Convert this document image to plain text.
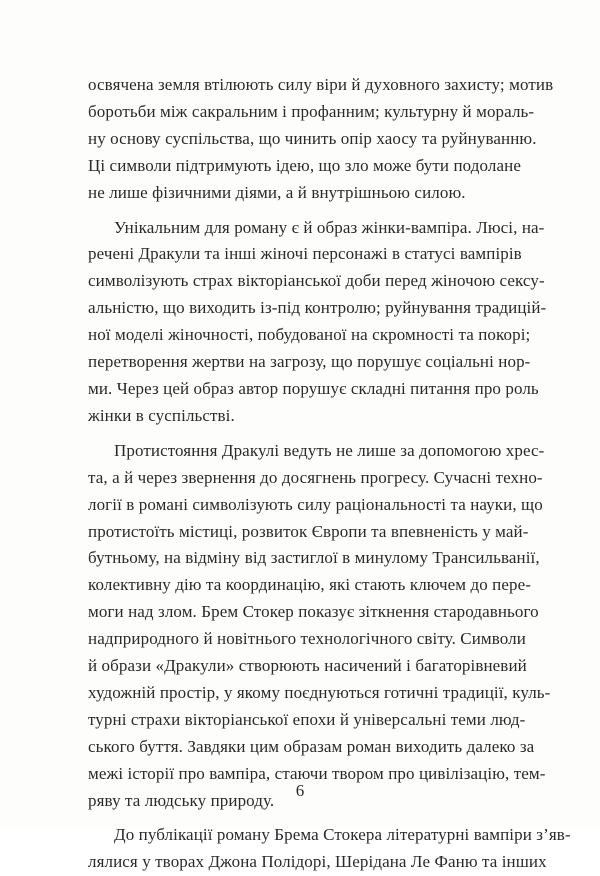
освячена земля втілюють силу віри й духовного захисту; мотив
боротьби між сакральним і профанним; культурну й мораль-
ну основу суспільства, що чинить опір хаосу та руйнуванню.
Ці символи підтримують ідею, що зло може бути подолане
не лише фізичними діями, а й внутрішньою силою.
Унікальним для роману є й образ жінки-вампіра. Люсі, на-
речені Дракули та інші жіночі персонажі в статусі вампірів
символізують страх вікторіанської доби перед жіночою сексу-
альністю, що виходить із-під контролю; руйнування традицій-
ної моделі жіночності, побудованої на скромності та покорі;
перетворення жертви на загрозу, що порушує соціальні нор-
ми. Через цей образ автор порушує складні питання про роль
жінки в суспільстві.
Протистояння Дракулі ведуть не лише за допомогою хрес-
та, а й через звернення до досягнень прогресу. Сучасні техно-
логії в романі символізують силу раціональності та науки, що
протистоїть містиці, розвиток Європи та впевненість у май-
бутньому, на відміну від застиглої в минулому Трансильванії,
колективну дію та координацію, які стають ключем до пере-
моги над злом. Брем Стокер показує зіткнення стародавнього
надприродного й новітнього технологічного світу. Символи
й образи «Дракули» створюють насичений і багаторівневий
художній простір, у якому поєднуються готичні традиції, куль-
турні страхи вікторіанської епохи й універсальні теми люд-
ського буття. Завдяки цим образам роман виходить далеко за
межі історії про вампіра, стаючи твором про цивілізацію, тем-
ряву та людську природу.
До публікації роману Брема Стокера літературні вампіри з’яв-
лялися у творах Джона Полідорі, Шерідана Ле Фаню та інших
6
